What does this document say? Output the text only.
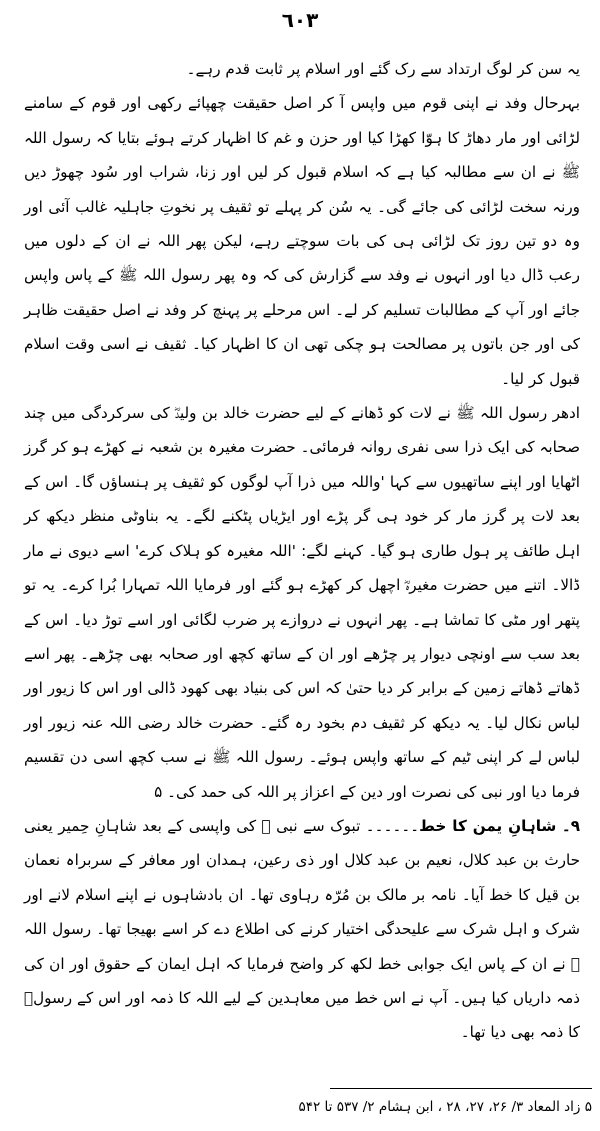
٦٠٣

یہ سن کر لوگ ارتداد سے رک گئے اور اسلام پر ثابت قدم رہے۔

بہرحال وفد نے اپنی قوم میں واپس آ کر اصل حقیقت چھپائے رکھی اور قوم کے سامنے لڑائی اور مار دھاڑ کا ہوّا کھڑا کیا اور حزن و غم کا اظہار کرتے ہوئے بتایا کہ رسول اللہ ﷺ نے ان سے مطالبہ کیا ہے کہ اسلام قبول کر لیں اور زنا، شراب اور سُود چھوڑ دیں ورنہ سخت لڑائی کی جائے گی۔ یہ سُن کر پہلے تو ثقیف پر نخوتِ جاہلیہ غالب آئی اور وہ دو تین روز تک لڑائی ہی کی بات سوچتے رہے، لیکن پھر اللہ نے ان کے دلوں میں رعب ڈال دیا اور انہوں نے وفد سے گزارش کی کہ وہ پھر رسول اللہ ﷺ کے پاس واپس جائے اور آپ کے مطالبات تسلیم کر لے۔ اس مرحلے پر پہنچ کر وفد نے اصل حقیقت ظاہر کی اور جن باتوں پر مصالحت ہو چکی تھی ان کا اظہار کیا۔ ثقیف نے اسی وقت اسلام قبول کر لیا۔

ادھر رسول اللہ ﷺ نے لات کو ڈھانے کے لیے حضرت خالد بن ولیدؓ کی سرکردگی میں چند صحابہ کی ایک ذرا سی نفری روانہ فرمائی۔ حضرت مغیرہ بن شعبہ نے کھڑے ہو کر گرز اٹھایا اور اپنے ساتھیوں سے کہا 'واللہ میں ذرا آپ لوگوں کو ثقیف پر ہنساؤں گا۔ اس کے بعد لات پر گرز مار کر خود ہی گر پڑے اور ایڑیاں پٹکنے لگے۔ یہ بناوٹی منظر دیکھ کر اہل طائف پر ہول طاری ہو گیا۔ کہنے لگے: 'اللہ مغیرہ کو ہلاک کرے' اسے دیوی نے مار ڈالا۔ اتنے میں حضرت مغیرہؓ اچھل کر کھڑے ہو گئے اور فرمایا اللہ تمہارا بُرا کرے۔ یہ تو پتھر اور مٹی کا تماشا ہے۔ پھر انہوں نے دروازے پر ضرب لگائی اور اسے توڑ دیا۔ اس کے بعد سب سے اونچی دیوار پر چڑھے اور ان کے ساتھ کچھ اور صحابہ بھی چڑھے۔ پھر اسے ڈھاتے ڈھاتے زمین کے برابر کر دیا حتیٰ کہ اس کی بنیاد بھی کھود ڈالی اور اس کا زیور اور لباس نکال لیا۔ یہ دیکھ کر ثقیف دم بخود رہ گئے۔ حضرت خالد رضی اللہ عنہ زیور اور لباس لے کر اپنی ٹیم کے ساتھ واپس ہوئے۔ رسول اللہ ﷺ نے سب کچھ اسی دن تقسیم فرما دیا اور نبی کی نصرت اور دین کے اعزاز پر اللہ کی حمد کی۔ ۵

۹۔ شاہانِ یمن کا خط۔۔۔۔۔۔ تبوک سے نبی ﷺ کی واپسی کے بعد شاہانِ حِمیر یعنی حارث بن عبد کلال، نعیم بن عبد کلال اور ذی رعین، ہمدان اور معافر کے سربراہ نعمان بن قیل کا خط آیا۔ نامہ بر مالک بن مُرّہ رہاوی تھا۔ ان بادشاہوں نے اپنے اسلام لانے اور شرک و اہل شرک سے علیحدگی اختیار کرنے کی اطلاع دے کر اسے بھیجا تھا۔ رسول اللہ ﷺ نے ان کے پاس ایک جوابی خط لکھ کر واضح فرمایا کہ اہل ایمان کے حقوق اور ان کی ذمہ داریاں کیا ہیں۔ آپ نے اس خط میں معاہدین کے لیے اللہ کا ذمہ اور اس کے رسولؐ کا ذمہ بھی دیا تھا۔

۵ زاد المعاد ۳/ ۲۶، ۲۷، ۲۸ ، ابن ہشام ۲/ ۵۳۷ تا ۵۴۲
